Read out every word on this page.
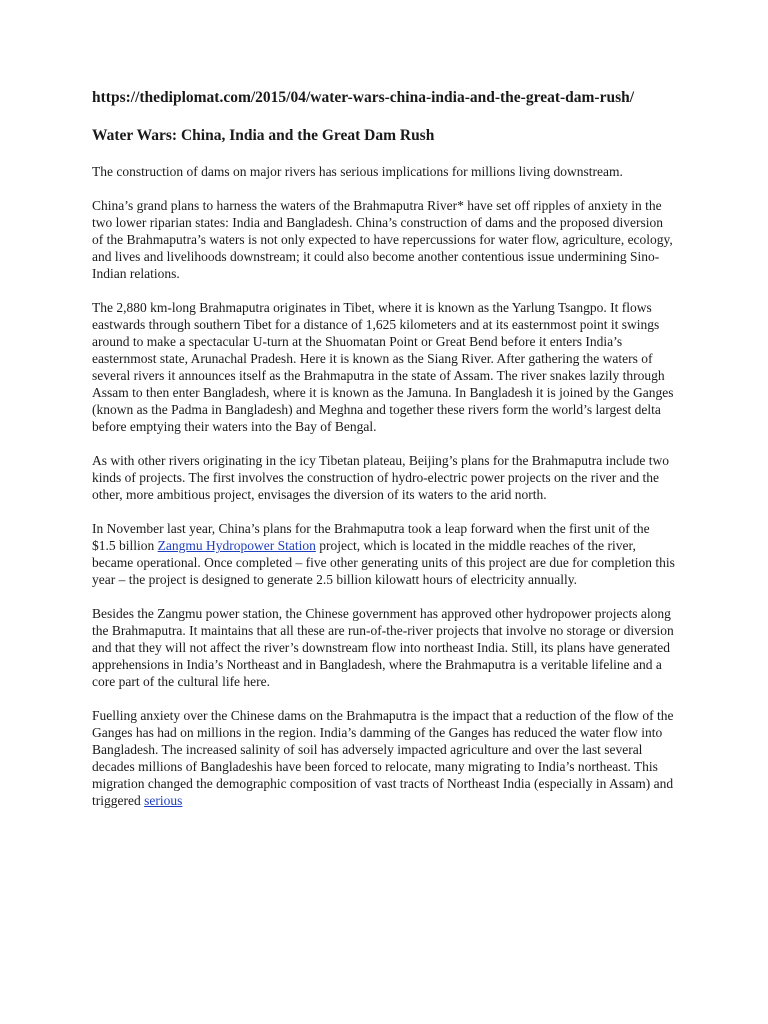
https://thediplomat.com/2015/04/water-wars-china-india-and-the-great-dam-rush/
Water Wars: China, India and the Great Dam Rush

The construction of dams on major rivers has serious implications for millions living downstream.

China’s grand plans to harness the waters of the Brahmaputra River* have set off ripples of anxiety in the two lower riparian states: India and Bangladesh. China’s construction of dams and the proposed diversion of the Brahmaputra’s waters is not only expected to have repercussions for water flow, agriculture, ecology, and lives and livelihoods downstream; it could also become another contentious issue undermining Sino-Indian relations.

The 2,880 km-long Brahmaputra originates in Tibet, where it is known as the Yarlung Tsangpo. It flows eastwards through southern Tibet for a distance of 1,625 kilometers and at its easternmost point it swings around to make a spectacular U-turn at the Shuomatan Point or Great Bend before it enters India’s easternmost state, Arunachal Pradesh. Here it is known as the Siang River. After gathering the waters of several rivers it announces itself as the Brahmaputra in the state of Assam. The river snakes lazily through Assam to then enter Bangladesh, where it is known as the Jamuna. In Bangladesh it is joined by the Ganges (known as the Padma in Bangladesh) and Meghna and together these rivers form the world’s largest delta before emptying their waters into the Bay of Bengal.

As with other rivers originating in the icy Tibetan plateau, Beijing’s plans for the Brahmaputra include two kinds of projects. The first involves the construction of hydro-electric power projects on the river and the other, more ambitious project, envisages the diversion of its waters to the arid north.

In November last year, China’s plans for the Brahmaputra took a leap forward when the first unit of the $1.5 billion Zangmu Hydropower Station project, which is located in the middle reaches of the river, became operational. Once completed – five other generating units of this project are due for completion this year – the project is designed to generate 2.5 billion kilowatt hours of electricity annually.

Besides the Zangmu power station, the Chinese government has approved other hydropower projects along the Brahmaputra. It maintains that all these are run-of-the-river projects that involve no storage or diversion and that they will not affect the river’s downstream flow into northeast India. Still, its plans have generated apprehensions in India’s Northeast and in Bangladesh, where the Brahmaputra is a veritable lifeline and a core part of the cultural life here.

Fuelling anxiety over the Chinese dams on the Brahmaputra is the impact that a reduction of the flow of the Ganges has had on millions in the region. India’s damming of the Ganges has reduced the water flow into Bangladesh. The increased salinity of soil has adversely impacted agriculture and over the last several decades millions of Bangladeshis have been forced to relocate, many migrating to India’s northeast. This migration changed the demographic composition of vast tracts of Northeast India (especially in Assam) and triggered serious
